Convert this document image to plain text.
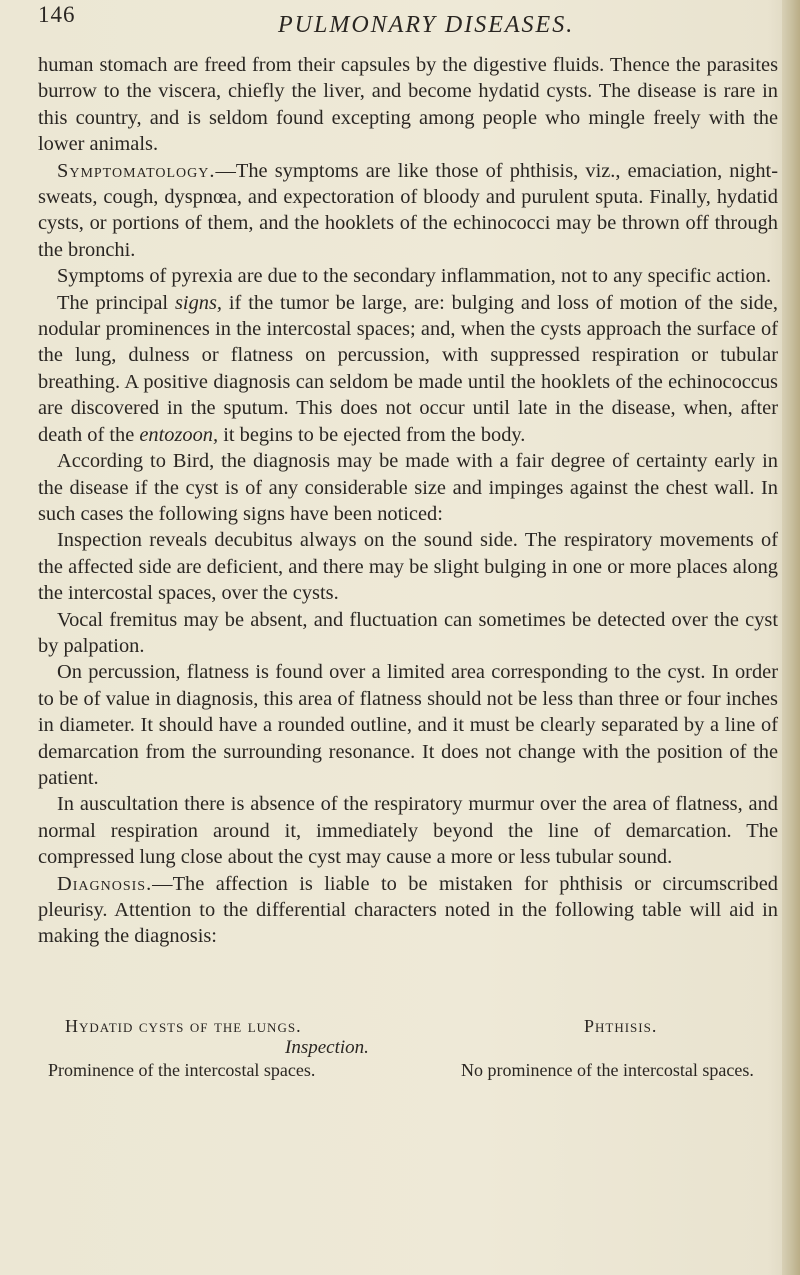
146	PULMONARY DISEASES.

human stomach are freed from their capsules by the digestive fluids. Thence the parasites burrow to the viscera, chiefly the liver, and become hydatid cysts. The disease is rare in this country, and is seldom found excepting among people who mingle freely with the lower animals.

Symptomatology.—The symptoms are like those of phthisis, viz., emaciation, night-sweats, cough, dyspnœa, and expectoration of bloody and purulent sputa. Finally, hydatid cysts, or portions of them, and the hooklets of the echinococci may be thrown off through the bronchi.

Symptoms of pyrexia are due to the secondary inflammation, not to any specific action.

The principal signs, if the tumor be large, are: bulging and loss of motion of the side, nodular prominences in the intercostal spaces; and, when the cysts approach the surface of the lung, dulness or flatness on percussion, with suppressed respiration or tubular breathing. A positive diagnosis can seldom be made until the hooklets of the echinococcus are discovered in the sputum. This does not occur until late in the disease, when, after death of the entozoon, it begins to be ejected from the body.

According to Bird, the diagnosis may be made with a fair degree of certainty early in the disease if the cyst is of any considerable size and impinges against the chest wall. In such cases the following signs have been noticed:

Inspection reveals decubitus always on the sound side. The respiratory movements of the affected side are deficient, and there may be slight bulging in one or more places along the intercostal spaces, over the cysts.

Vocal fremitus may be absent, and fluctuation can sometimes be detected over the cyst by palpation.

On percussion, flatness is found over a limited area corresponding to the cyst. In order to be of value in diagnosis, this area of flatness should not be less than three or four inches in diameter. It should have a rounded outline, and it must be clearly separated by a line of demarcation from the surrounding resonance. It does not change with the position of the patient.

In auscultation there is absence of the respiratory murmur over the area of flatness, and normal respiration around it, immediately beyond the line of demarcation. The compressed lung close about the cyst may cause a more or less tubular sound.

Diagnosis.—The affection is liable to be mistaken for phthisis or circumscribed pleurisy. Attention to the differential characters noted in the following table will aid in making the diagnosis:

Hydatid cysts of the lungs.	Phthisis.
Inspection.
Prominence of the intercostal spaces.	No prominence of the intercostal spaces.
